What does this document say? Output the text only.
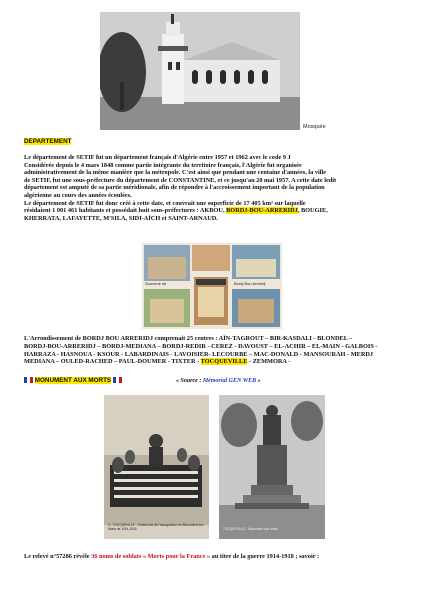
Mosquée
DEPARTEMENT

Le département de SETIF fut un département français d'Algérie entre 1957 et 1962 avec le code 9 J

Considérée depuis le 4 mars 1848 comme partie intégrante du territoire français, l'Algérie fut organisée

administrativement de la même manière que la métropole. C'est ainsi que pendant une centaine d'années, la ville

de SETIF, fut une sous-préfecture du département de CONSTANTINE, et ce jusqu'au 20 mai 1957. A cette date ledit

département est amputé de sa partie méridionale, afin de répondre à l'accroissement important de la population

algérienne au cours des années écoulées.

Le département de SETIF fut donc créé à cette date, et couvrait une superficie de 17 405 km² sur laquelle

résidaient 1 001 461 habitants et possédait huit sous-préfectures : AKBOU, BORDJ-BOU-ARRERIDJ, BOUGIE,

KHERRATA, LAFAYETTE, M'SILA, SIDI-AÏCH et SAINT-ARNAUD.

Souvenir de	Bordj Bou Arreridj

L'Arrondissement de BORDJ BOU ARRERIDJ comprenait 25 centres : AÏN-TAGROUT – BIR-KASDALI - BLONDEL –

BORDJ-BOU-ARRERIDJ – BORDJ-MEDIANA – BORDJ-REDIR - CEREZ - DAVOUST – EL-ACHIR – EL-MAIN - GALBOIS -

HARRAZA - HASNOUA - KSOUR - LABARDINAIS - LAVOISIER- LECOURBE – MAC-DONALD - MANSOURAH - MERDJ

MEDIANA – OULED-RACHED – PAUL-DOUMER - TIXTER - TOCQUEVILLE - ZEMMORA -

MONUMENT AUX MORTS	« Source : Mémorial GEN WEB »
3 - TOCQUEVILLE - Cérémonie de l'inauguration du Monument aux Morts de 1914-1918	TOCQUEVILLE - Monument aux Morts
Le relevé n°57286 révèle 36 noms de soldats « Morts pour la France » au titre de la guerre 1914-1918 ; savoir :
